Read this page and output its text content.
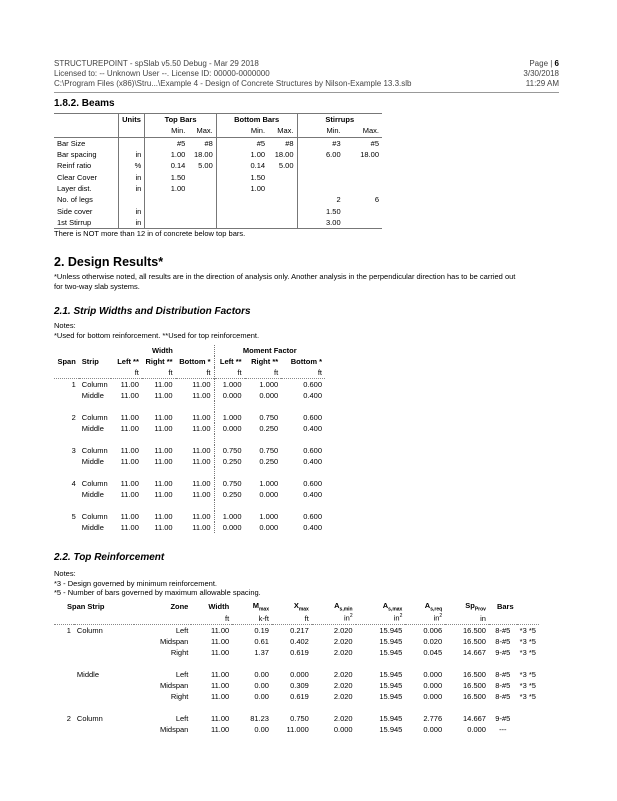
STRUCTUREPOINT - spSlab v5.50 Debug - Mar 29 2018
Licensed to: -- Unknown User --. License ID: 00000-0000000
C:\Program Files (x86)\Stru...\Example 4 - Design of Concrete Structures by Nilson-Example 13.3.slb
Page | 6
3/30/2018
11:29 AM
1.8.2. Beams
	Units	Top Bars		Bottom Bars		Stirrups	
		Min.	Max.	Min.	Max.	Min.	Max.
Bar Size		#5	#8	#5	#8	#3	#5
Bar spacing	in	1.00	18.00	1.00	18.00	6.00	18.00
Reinf ratio	%	0.14	5.00	0.14	5.00		
Clear Cover	in	1.50		1.50			
Layer dist.	in	1.00		1.00			
No. of legs						2	6
Side cover	in					1.50	
1st Stirrup	in					3.00	
There is NOT more than 12 in of concrete below top bars.
2. Design Results*
*Unless otherwise noted, all results are in the direction of analysis only. Another analysis in the perpendicular direction has to be carried out
for two-way slab systems.
2.1. Strip Widths and Distribution Factors
Notes:
*Used for bottom reinforcement. **Used for top reinforcement.
		Width			Moment Factor		
Span	Strip	Left **	Right **	Bottom *	Left **	Right **	Bottom *
		ft	ft	ft	ft	ft	ft
1	Column	11.00	11.00	11.00	1.000	1.000	0.600
	Middle	11.00	11.00	11.00	0.000	0.000	0.400

2	Column	11.00	11.00	11.00	1.000	0.750	0.600
	Middle	11.00	11.00	11.00	0.000	0.250	0.400

3	Column	11.00	11.00	11.00	0.750	0.750	0.600
	Middle	11.00	11.00	11.00	0.250	0.250	0.400

4	Column	11.00	11.00	11.00	0.750	1.000	0.600
	Middle	11.00	11.00	11.00	0.250	0.000	0.400

5	Column	11.00	11.00	11.00	1.000	1.000	0.600
	Middle	11.00	11.00	11.00	0.000	0.000	0.400
2.2. Top Reinforcement
Notes:
*3 - Design governed by minimum reinforcement.
*5 - Number of bars governed by maximum allowable spacing.
Span Strip		Zone	Width	$M_{max}$	$X_{max}$	$A_{s,min}$	$A_{s,max}$	$A_{s,req}$	$Sp_{Prov}$	Bars	
			ft	k-ft	ft	$in^2$	$in^2$	$in^2$	in		
1	Column	Left	11.00	0.19	0.217	2.020	15.945	0.006	16.500	8-#5	*3 *5
		Midspan	11.00	0.61	0.402	2.020	15.945	0.020	16.500	8-#5	*3 *5
		Right	11.00	1.37	0.619	2.020	15.945	0.045	14.667	9-#5	*3 *5

	Middle	Left	11.00	0.00	0.000	2.020	15.945	0.000	16.500	8-#5	*3 *5
		Midspan	11.00	0.00	0.309	2.020	15.945	0.000	16.500	8-#5	*3 *5
		Right	11.00	0.00	0.619	2.020	15.945	0.000	16.500	8-#5	*3 *5

2	Column	Left	11.00	81.23	0.750	2.020	15.945	2.776	14.667	9-#5	
		Midspan	11.00	0.00	11.000	0.000	15.945	0.000	0.000	---	
